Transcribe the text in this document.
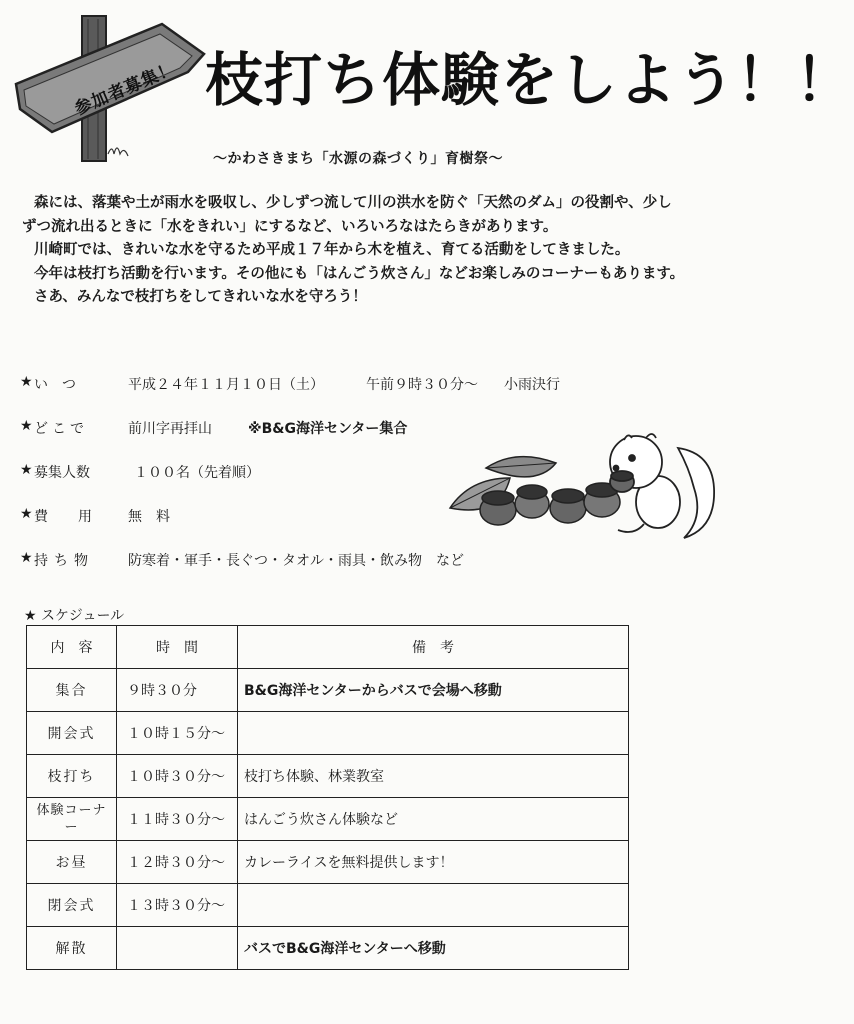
参加者募集！ 枝打ち体験をしよう！！
～かわさきまち「水源の森づくり」育樹祭～

森には、落葉や土が雨水を吸収し、少しずつ流して川の洪水を防ぐ「天然のダム」の役割や、少し

ずつ流れ出るときに「水をきれい」にするなど、いろいろなはたらきがあります。

川崎町では、きれいな水を守るため平成１７年から木を植え、育てる活動をしてきました。

今年は枝打ち活動を行います。その他にも「はんごう炊さん」などお楽しみのコーナーもあります。

さあ、みんなで枝打ちをしてきれいな水を守ろう！

★ いつ	平成２４年１１月１０日（土）	午前９時３０分～ 小雨決行
★ どこで	前川字再拝山	※B&G海洋センター集合
★ 募集人数	１００名（先着順）
★ 費用 無料
★ 持ち物 防寒着・軍手・長ぐつ・タオル・雨具・飲み物　など
★ スケジュール
内　容	時　間	備　考
集合	９時３０分	B&G海洋センターからバスで会場へ移動
開会式	１０時１５分～	
枝打ち	１０時３０分～	枝打ち体験、林業教室
体験コーナー	１１時３０分～	はんごう炊さん体験など
お昼	１２時３０分～	カレーライスを無料提供します！
閉会式	１３時３０分～	
解散		バスでB&G海洋センターへ移動
